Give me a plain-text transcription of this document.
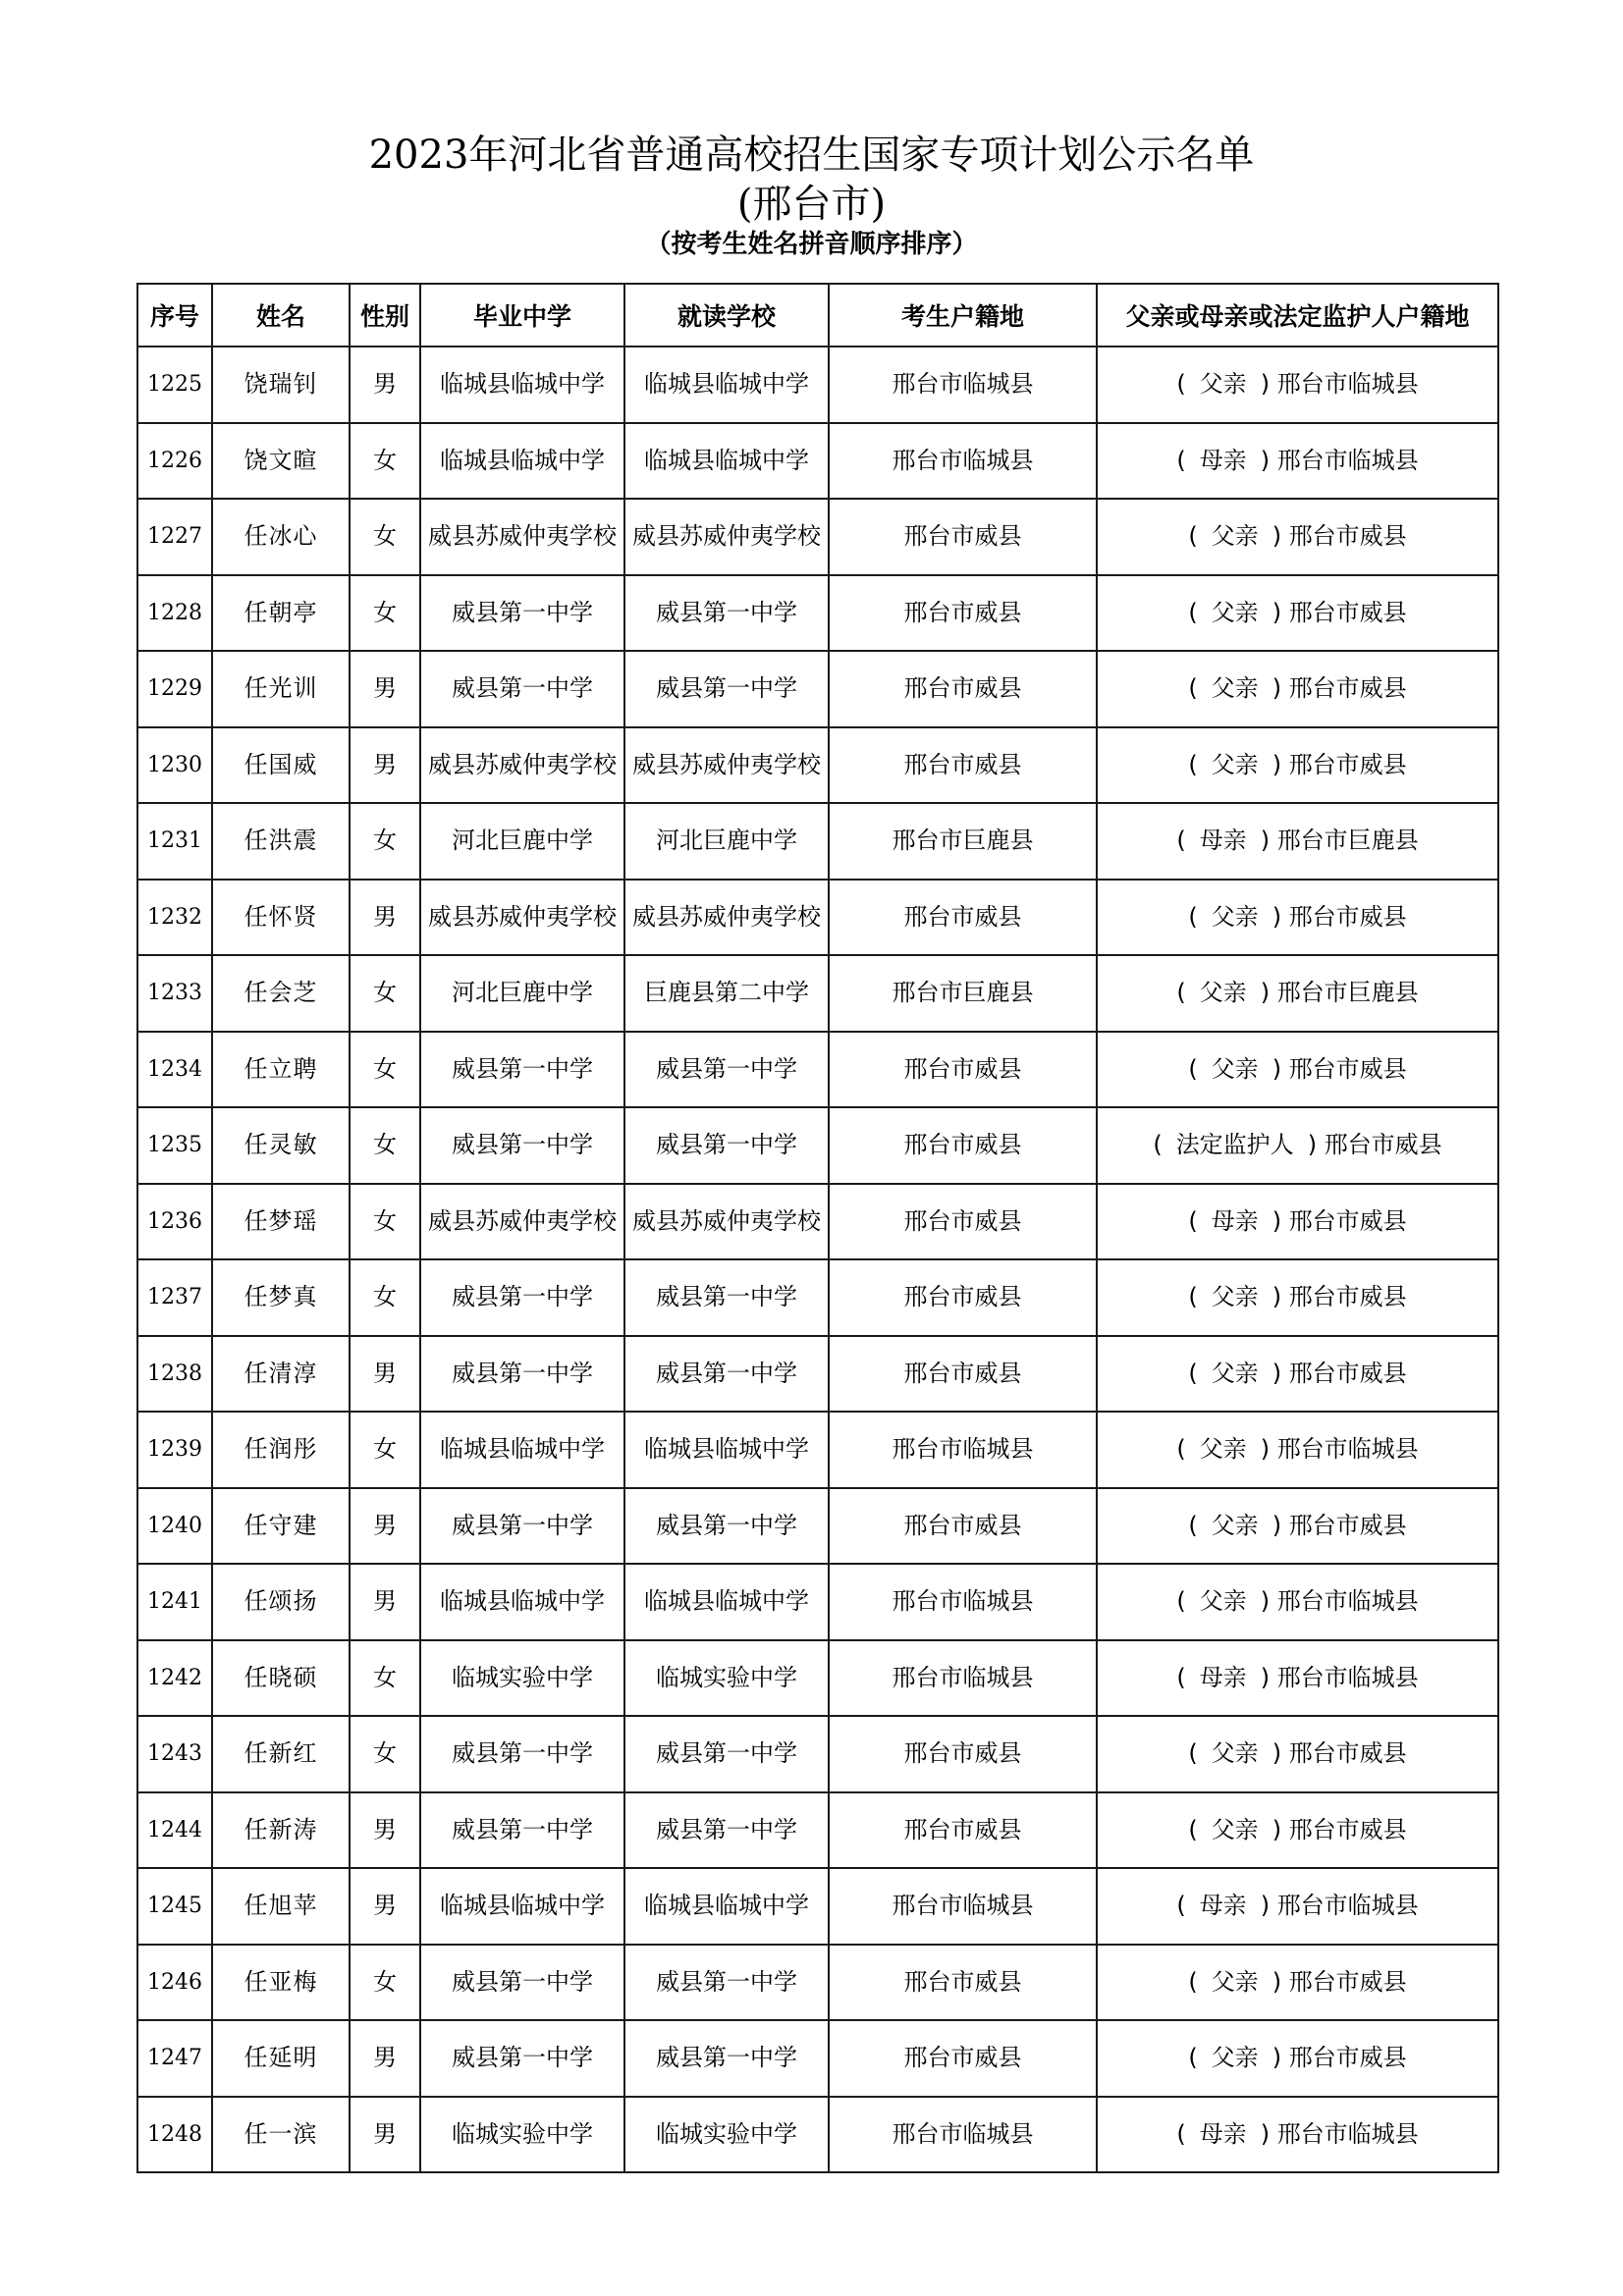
2023年河北省普通高校招生国家专项计划公示名单
(邢台市)
（按考生姓名拼音顺序排序）
序号	姓名	性别	毕业中学	就读学校	考生户籍地	父亲或母亲或法定监护人户籍地
1225	饶瑞钊	男	临城县临城中学	临城县临城中学	邢台市临城县	( 父亲 ) 邢台市临城县
1226	饶文暄	女	临城县临城中学	临城县临城中学	邢台市临城县	( 母亲 ) 邢台市临城县
1227	任冰心	女	威县苏威仲夷学校	威县苏威仲夷学校	邢台市威县	( 父亲 ) 邢台市威县
1228	任朝亭	女	威县第一中学	威县第一中学	邢台市威县	( 父亲 ) 邢台市威县
1229	任光训	男	威县第一中学	威县第一中学	邢台市威县	( 父亲 ) 邢台市威县
1230	任国威	男	威县苏威仲夷学校	威县苏威仲夷学校	邢台市威县	( 父亲 ) 邢台市威县
1231	任洪震	女	河北巨鹿中学	河北巨鹿中学	邢台市巨鹿县	( 母亲 ) 邢台市巨鹿县
1232	任怀贤	男	威县苏威仲夷学校	威县苏威仲夷学校	邢台市威县	( 父亲 ) 邢台市威县
1233	任会芝	女	河北巨鹿中学	巨鹿县第二中学	邢台市巨鹿县	( 父亲 ) 邢台市巨鹿县
1234	任立聘	女	威县第一中学	威县第一中学	邢台市威县	( 父亲 ) 邢台市威县
1235	任灵敏	女	威县第一中学	威县第一中学	邢台市威县	( 法定监护人 ) 邢台市威县
1236	任梦瑶	女	威县苏威仲夷学校	威县苏威仲夷学校	邢台市威县	( 母亲 ) 邢台市威县
1237	任梦真	女	威县第一中学	威县第一中学	邢台市威县	( 父亲 ) 邢台市威县
1238	任清淳	男	威县第一中学	威县第一中学	邢台市威县	( 父亲 ) 邢台市威县
1239	任润彤	女	临城县临城中学	临城县临城中学	邢台市临城县	( 父亲 ) 邢台市临城县
1240	任守建	男	威县第一中学	威县第一中学	邢台市威县	( 父亲 ) 邢台市威县
1241	任颂扬	男	临城县临城中学	临城县临城中学	邢台市临城县	( 父亲 ) 邢台市临城县
1242	任晓硕	女	临城实验中学	临城实验中学	邢台市临城县	( 母亲 ) 邢台市临城县
1243	任新红	女	威县第一中学	威县第一中学	邢台市威县	( 父亲 ) 邢台市威县
1244	任新涛	男	威县第一中学	威县第一中学	邢台市威县	( 父亲 ) 邢台市威县
1245	任旭苹	男	临城县临城中学	临城县临城中学	邢台市临城县	( 母亲 ) 邢台市临城县
1246	任亚梅	女	威县第一中学	威县第一中学	邢台市威县	( 父亲 ) 邢台市威县
1247	任延明	男	威县第一中学	威县第一中学	邢台市威县	( 父亲 ) 邢台市威县
1248	任一滨	男	临城实验中学	临城实验中学	邢台市临城县	( 母亲 ) 邢台市临城县
